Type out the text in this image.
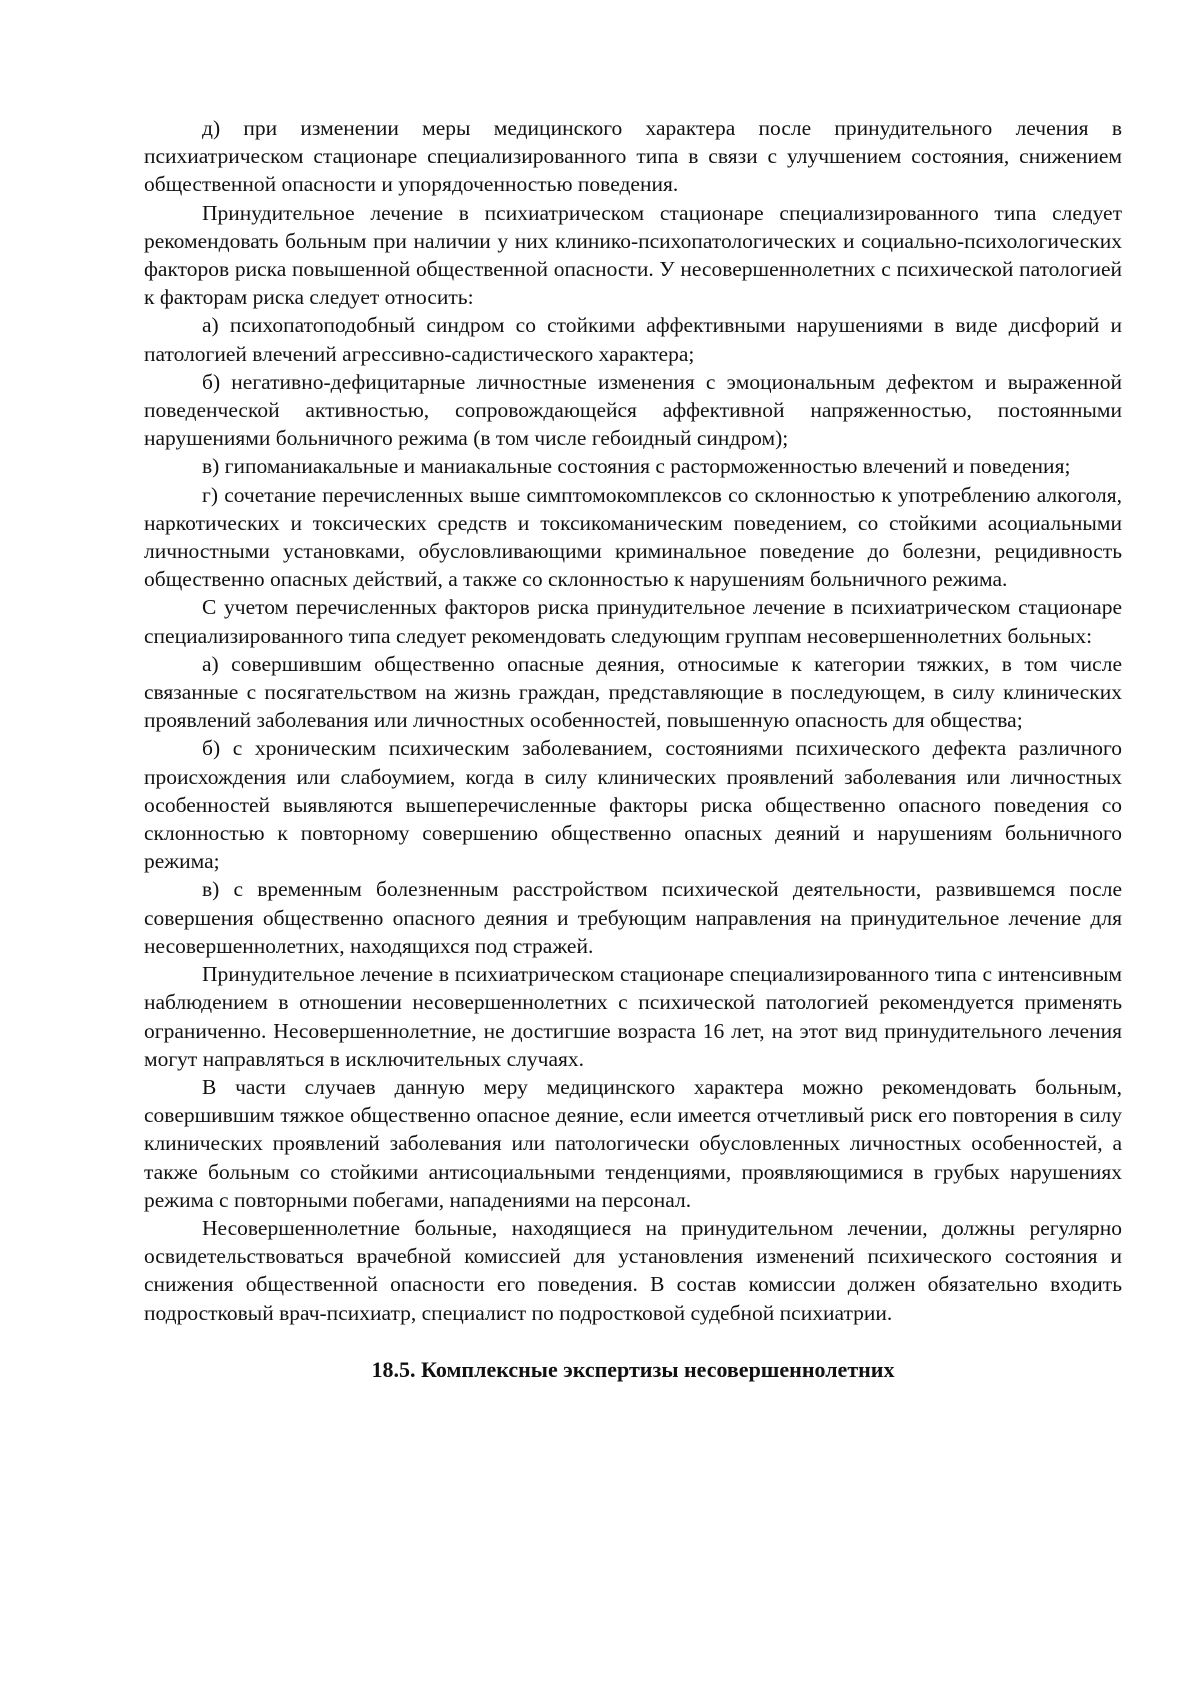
д) при изменении меры медицинского характера после принудительного лечения в психиатрическом стационаре специализированного типа в связи с улучшением состояния, снижением общественной опасности и упорядоченностью поведения.

Принудительное лечение в психиатрическом стационаре специализированного типа следует рекомендовать больным при наличии у них клинико-психопатологических и социально-психологических факторов риска повышенной общественной опасности. У несовершеннолетних с психической патологией к факторам риска следует относить:

а) психопатоподобный синдром со стойкими аффективными нарушениями в виде дисфорий и патологией влечений агрессивно-садистического характера;

б) негативно-дефицитарные личностные изменения с эмоциональным дефектом и выраженной поведенческой активностью, сопровождающейся аффективной напряженностью, постоянными нарушениями больничного режима (в том числе гебоидный синдром);

в) гипоманиакальные и маниакальные состояния с расторможенностью влечений и поведения;

г) сочетание перечисленных выше симптомокомплексов со склонностью к употреблению алкоголя, наркотических и токсических средств и токсикоманическим поведением, со стойкими асоциальными личностными установками, обусловливающими криминальное поведение до болезни, рецидивность общественно опасных действий, а также со склонностью к нарушениям больничного режима.

С учетом перечисленных факторов риска принудительное лечение в психиатрическом стационаре специализированного типа следует рекомендовать следующим группам несовершеннолетних больных:

а) совершившим общественно опасные деяния, относимые к категории тяжких, в том числе связанные с посягательством на жизнь граждан, представляющие в последующем, в силу клинических проявлений заболевания или личностных особенностей, повышенную опасность для общества;

б) с хроническим психическим заболеванием, состояниями психического дефекта различного происхождения или слабоумием, когда в силу клинических проявлений заболевания или личностных особенностей выявляются вышеперечисленные факторы риска общественно опасного поведения со склонностью к повторному совершению общественно опасных деяний и нарушениям больничного режима;

в) с временным болезненным расстройством психической деятельности, развившемся после совершения общественно опасного деяния и требующим направления на принудительное лечение для несовершеннолетних, находящихся под стражей.

Принудительное лечение в психиатрическом стационаре специализированного типа с интенсивным наблюдением в отношении несовершеннолетних с психической патологией рекомендуется применять ограниченно. Несовершеннолетние, не достигшие возраста 16 лет, на этот вид принудительного лечения могут направляться в исключительных случаях.

В части случаев данную меру медицинского характера можно рекомендовать больным, совершившим тяжкое общественно опасное деяние, если имеется отчетливый риск его повторения в силу клинических проявлений заболевания или патологически обусловленных личностных особенностей, а также больным со стойкими антисоциальными тенденциями, проявляющимися в грубых нарушениях режима с повторными побегами, нападениями на персонал.

Несовершеннолетние больные, находящиеся на принудительном лечении, должны регулярно освидетельствоваться врачебной комиссией для установления изменений психического состояния и снижения общественной опасности его поведения. В состав комиссии должен обязательно входить подростковый врач-психиатр, специалист по подростковой судебной психиатрии.

18.5. Комплексные экспертизы несовершеннолетних
